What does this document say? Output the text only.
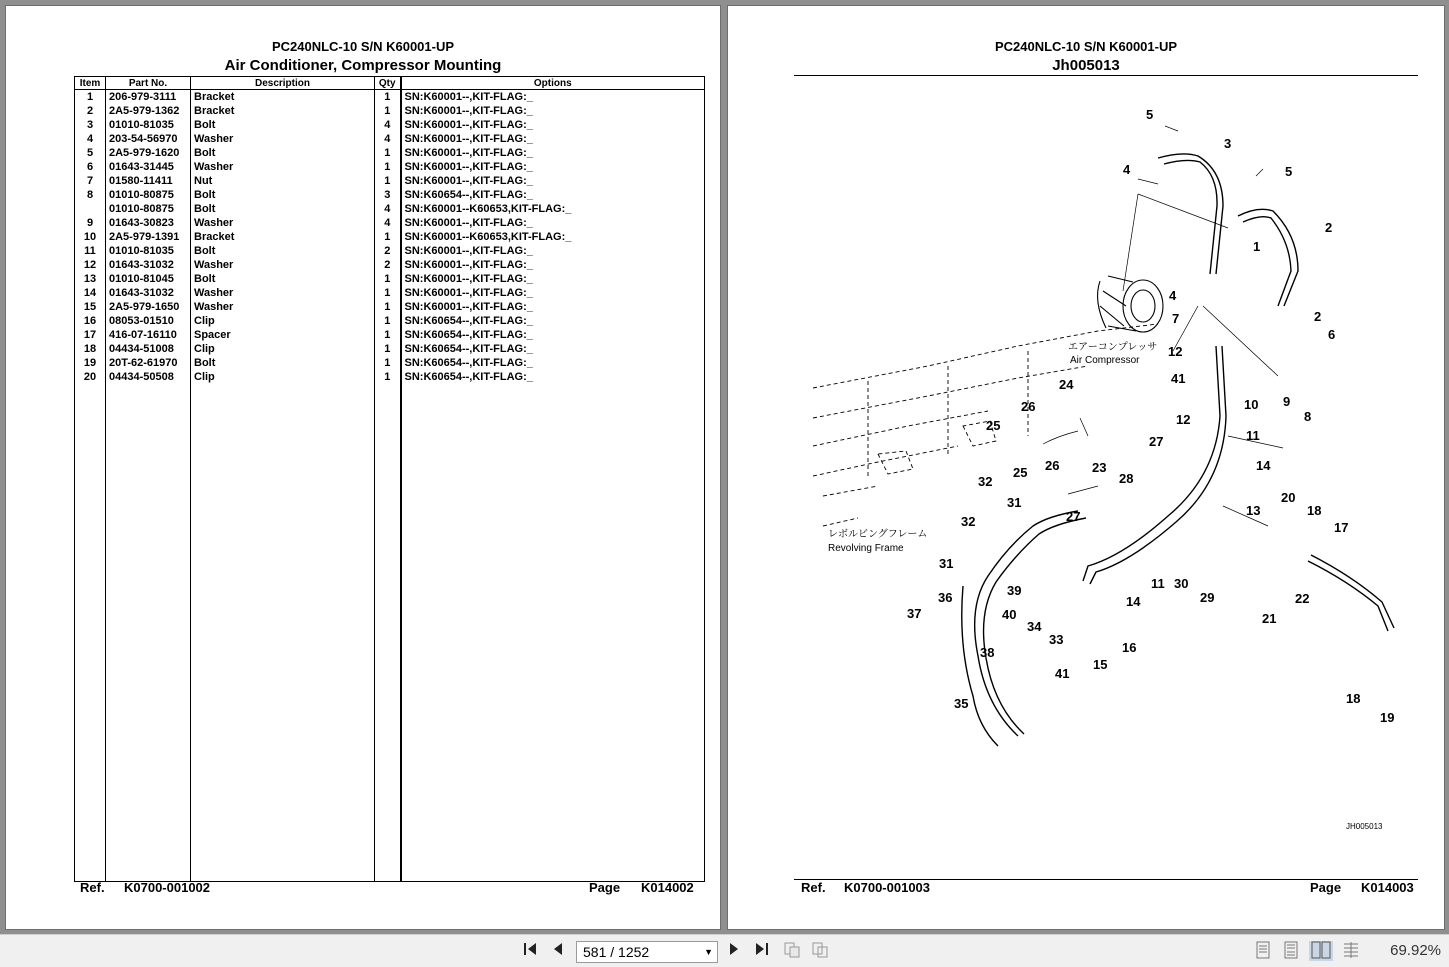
PC240NLC-10 S/N K60001-UP
Air Conditioner, Compressor Mounting
Item	Part No.	Description	Qty	Options
1	206-979-3111	Bracket	1	SN:K60001--,KIT-FLAG:_
2	2A5-979-1362	Bracket	1	SN:K60001--,KIT-FLAG:_
3	01010-81035	Bolt	4	SN:K60001--,KIT-FLAG:_
4	203-54-56970	Washer	4	SN:K60001--,KIT-FLAG:_
5	2A5-979-1620	Bolt	1	SN:K60001--,KIT-FLAG:_
6	01643-31445	Washer	1	SN:K60001--,KIT-FLAG:_
7	01580-11411	Nut	1	SN:K60001--,KIT-FLAG:_
8	01010-80875	Bolt	3	SN:K60654--,KIT-FLAG:_
	01010-80875	Bolt	4	SN:K60001--K60653,KIT-FLAG:_
9	01643-30823	Washer	4	SN:K60001--,KIT-FLAG:_
10	2A5-979-1391	Bracket	1	SN:K60001--K60653,KIT-FLAG:_
11	01010-81035	Bolt	2	SN:K60001--,KIT-FLAG:_
12	01643-31032	Washer	2	SN:K60001--,KIT-FLAG:_
13	01010-81045	Bolt	1	SN:K60001--,KIT-FLAG:_
14	01643-31032	Washer	1	SN:K60001--,KIT-FLAG:_
15	2A5-979-1650	Washer	1	SN:K60001--,KIT-FLAG:_
16	08053-01510	Clip	1	SN:K60654--,KIT-FLAG:_
17	416-07-16110	Spacer	1	SN:K60654--,KIT-FLAG:_
18	04434-51008	Clip	1	SN:K60654--,KIT-FLAG:_
19	20T-62-61970	Bolt	1	SN:K60654--,KIT-FLAG:_
20	04434-50508	Clip	1	SN:K60654--,KIT-FLAG:_

Ref. K0700-001002	Page K014002
PC240NLC-10 S/N K60001-UP
Jh005013
エアーコンプレッサ
Air Compressor
レボルビングフレーム
Revolving Frame
JH005013
5
3
4	5
2
1
4
7	2
6
12
9
8
41
10
24
26
25	12
27	11
14
23
28
25 26
32
31
13
20
18
17
27
32
31
39	11 30
29
14
21
22
37
36
40
34
33
16
38
15
41
35	18
19
Ref. K0700-001003	Page K014003
581 / 1252	▼	69.92%
